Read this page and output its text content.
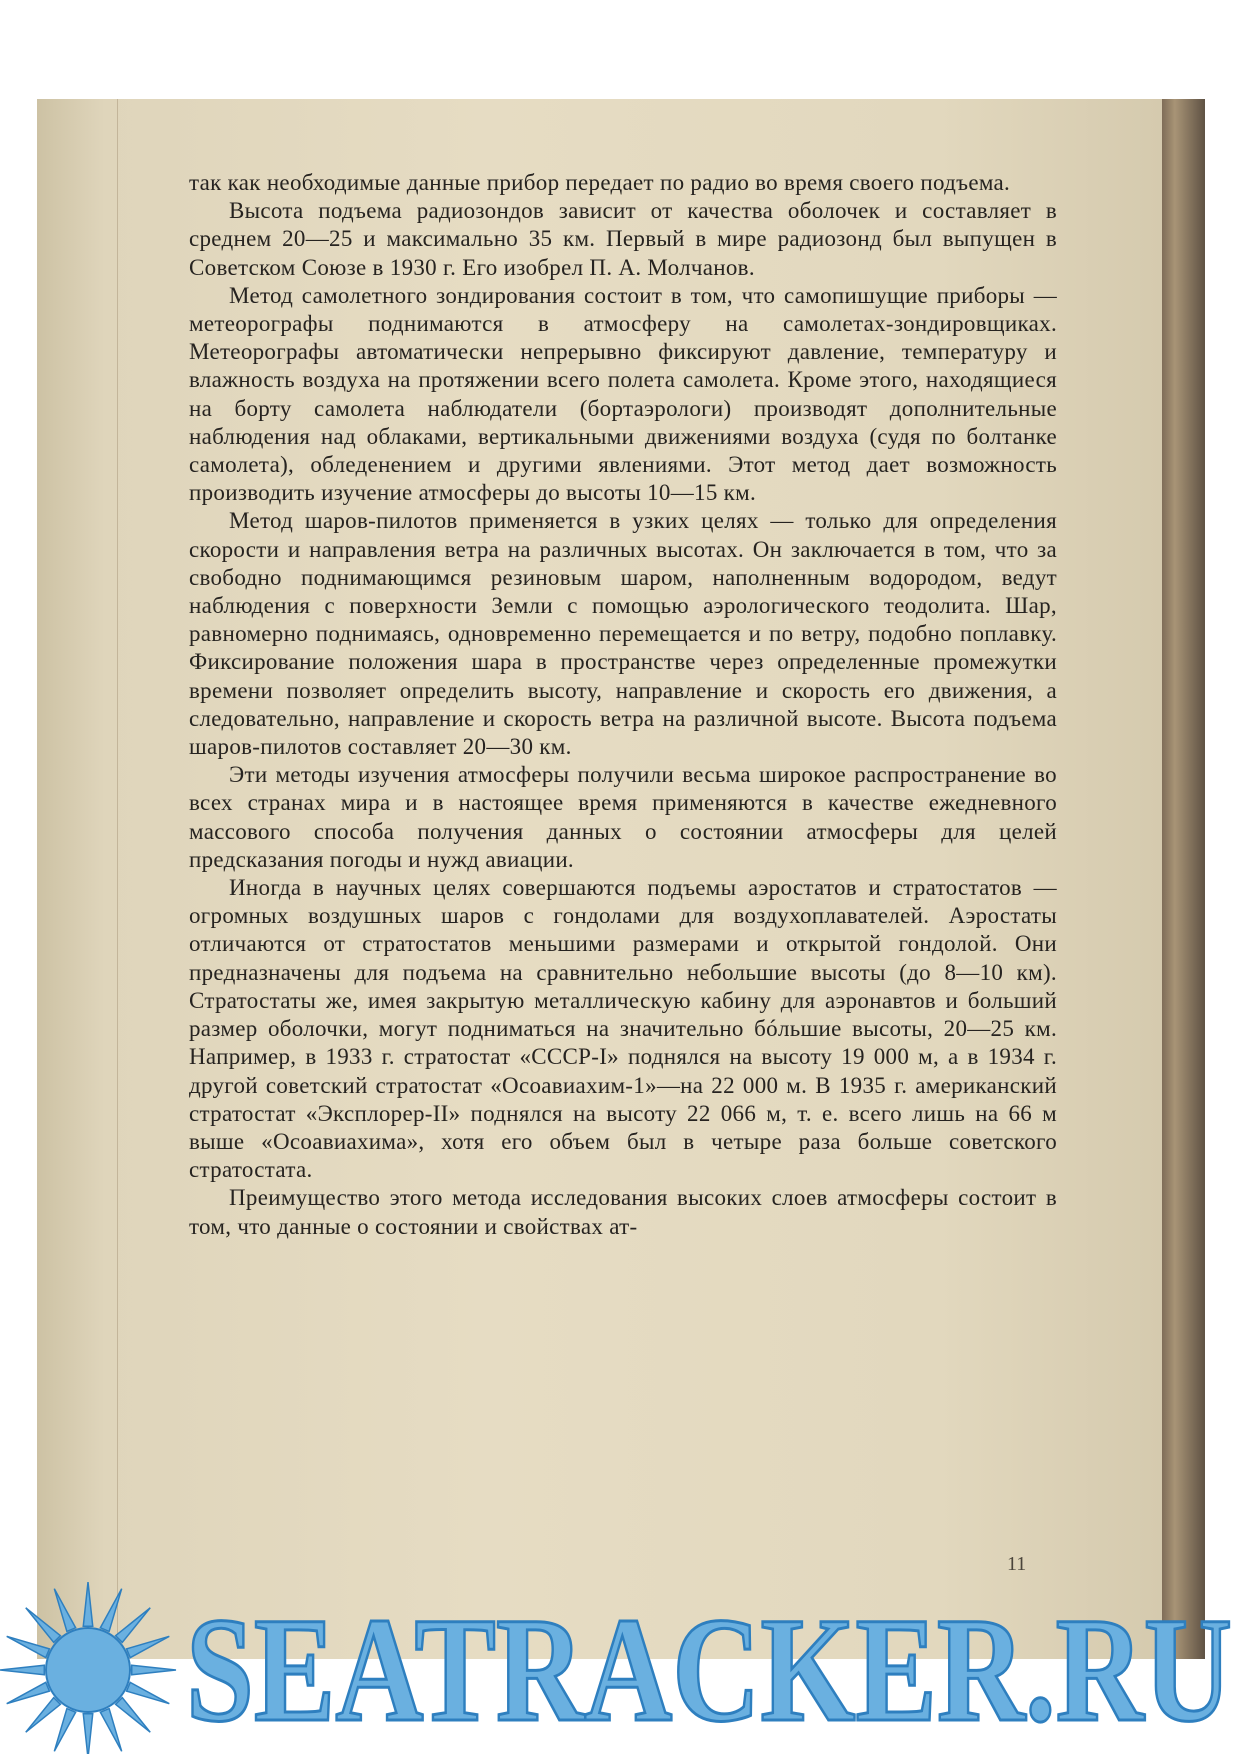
так как необходимые данные прибор передает по радио во время своего подъема.

Высота подъема радиозондов зависит от качества оболочек и составляет в среднем 20—25 и максимально 35 км. Первый в мире радиозонд был выпущен в Советском Союзе в 1930 г. Его изобрел П. А. Молчанов.

Метод самолетного зондирования состоит в том, что самопишущие приборы — метеорографы поднимаются в атмосферу на самолетах-зондировщиках. Метеорографы автоматически непрерывно фиксируют давление, температуру и влажность воздуха на протяжении всего полета самолета. Кроме этого, находящиеся на борту самолета наблюдатели (бортаэрологи) производят дополнительные наблюдения над облаками, вертикальными движениями воздуха (судя по болтанке самолета), обледенением и другими явлениями. Этот метод дает возможность производить изучение атмосферы до высоты 10—15 км.

Метод шаров-пилотов применяется в узких целях — только для определения скорости и направления ветра на различных высотах. Он заключается в том, что за свободно поднимающимся резиновым шаром, наполненным водородом, ведут наблюдения с поверхности Земли с помощью аэрологического теодолита. Шар, равномерно поднимаясь, одновременно перемещается и по ветру, подобно поплавку. Фиксирование положения шара в пространстве через определенные промежутки времени позволяет определить высоту, направление и скорость его движения, а следовательно, направление и скорость ветра на различной высоте. Высота подъема шаров-пилотов составляет 20—30 км.

Эти методы изучения атмосферы получили весьма широкое распространение во всех странах мира и в настоящее время применяются в качестве ежедневного массового способа получения данных о состоянии атмосферы для целей предсказания погоды и нужд авиации.

Иногда в научных целях совершаются подъемы аэростатов и стратостатов — огромных воздушных шаров с гондолами для воздухоплавателей. Аэростаты отличаются от стратостатов меньшими размерами и открытой гондолой. Они предназначены для подъема на сравнительно небольшие высоты (до 8—10 км). Стратостаты же, имея закрытую металлическую кабину для аэронавтов и больший размер оболочки, могут подниматься на значительно бóльшие высоты, 20—25 км. Например, в 1933 г. стратостат «СССР-I» поднялся на высоту 19 000 м, а в 1934 г. другой советский стратостат «Осоавиахим-1»—на 22 000 м. В 1935 г. американский стратостат «Эксплорер-II» поднялся на высоту 22 066 м, т. е. всего лишь на 66 м выше «Осоавиахима», хотя его объем был в четыре раза больше советского стратостата.

Преимущество этого метода исследования высоких слоев атмосферы состоит в том, что данные о состоянии и свойствах ат-

11
SEATRACKER.RU
